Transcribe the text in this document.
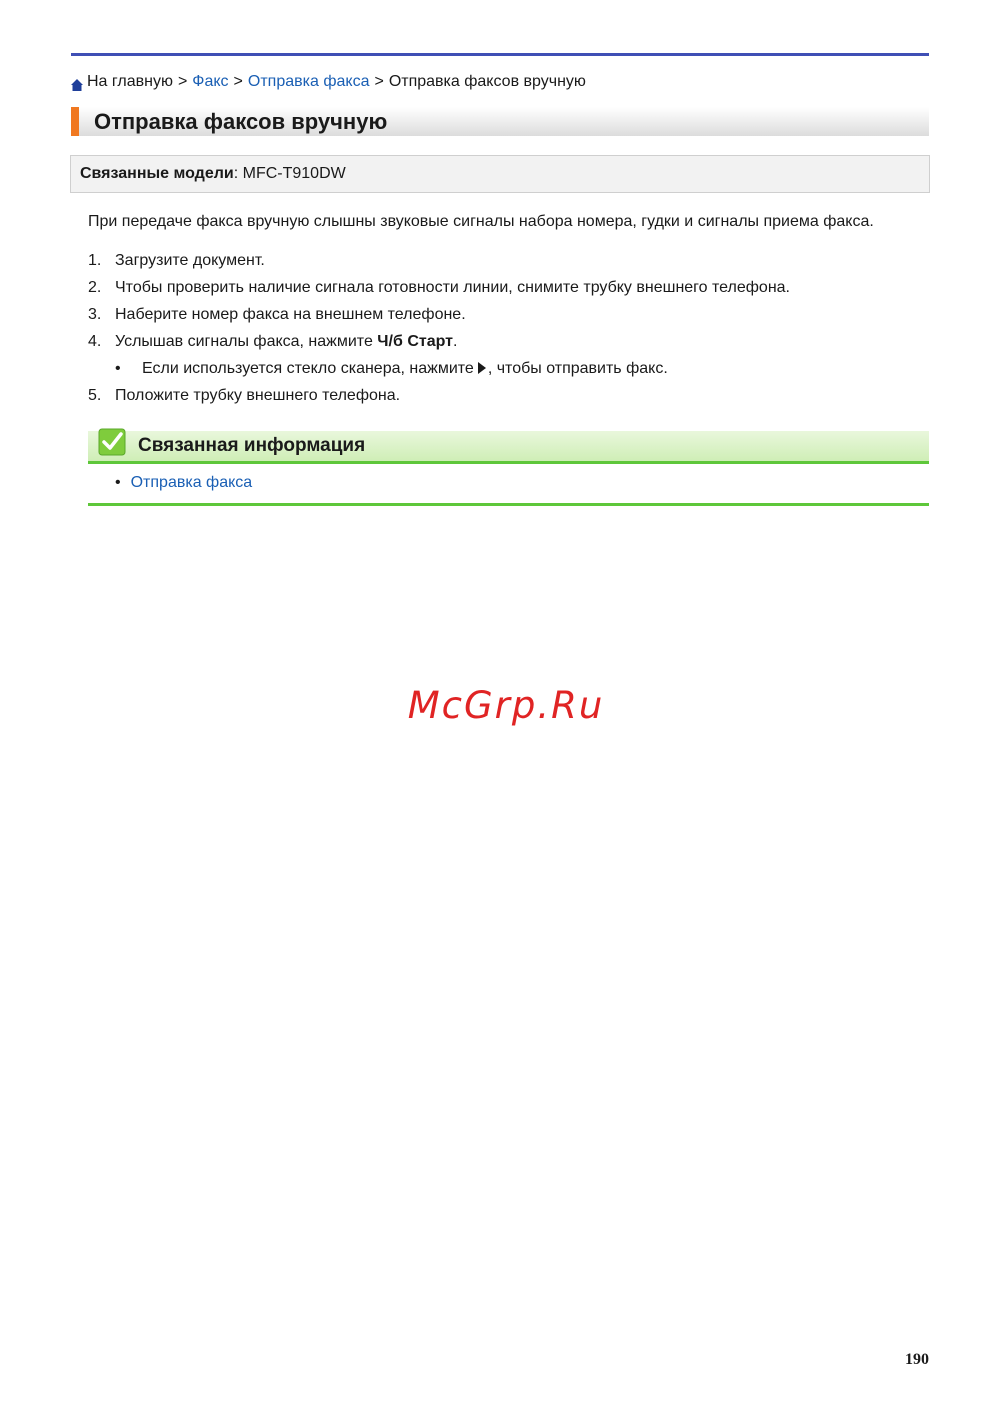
На главную > Факс > Отправка факса > Отправка факсов вручную
Отправка факсов вручную
Связанные модели: MFC-T910DW

При передаче факса вручную слышны звуковые сигналы набора номера, гудки и сигналы приема факса.

1. Загрузите документ.
2. Чтобы проверить наличие сигнала готовности линии, снимите трубку внешнего телефона.
3. Наберите номер факса на внешнем телефоне.
4. Услышав сигналы факса, нажмите Ч/б Старт.
• Если используется стекло сканера, нажмите , чтобы отправить факс.
5. Положите трубку внешнего телефона.
Связанная информация
• Отправка факса
McGrp.Ru
190
